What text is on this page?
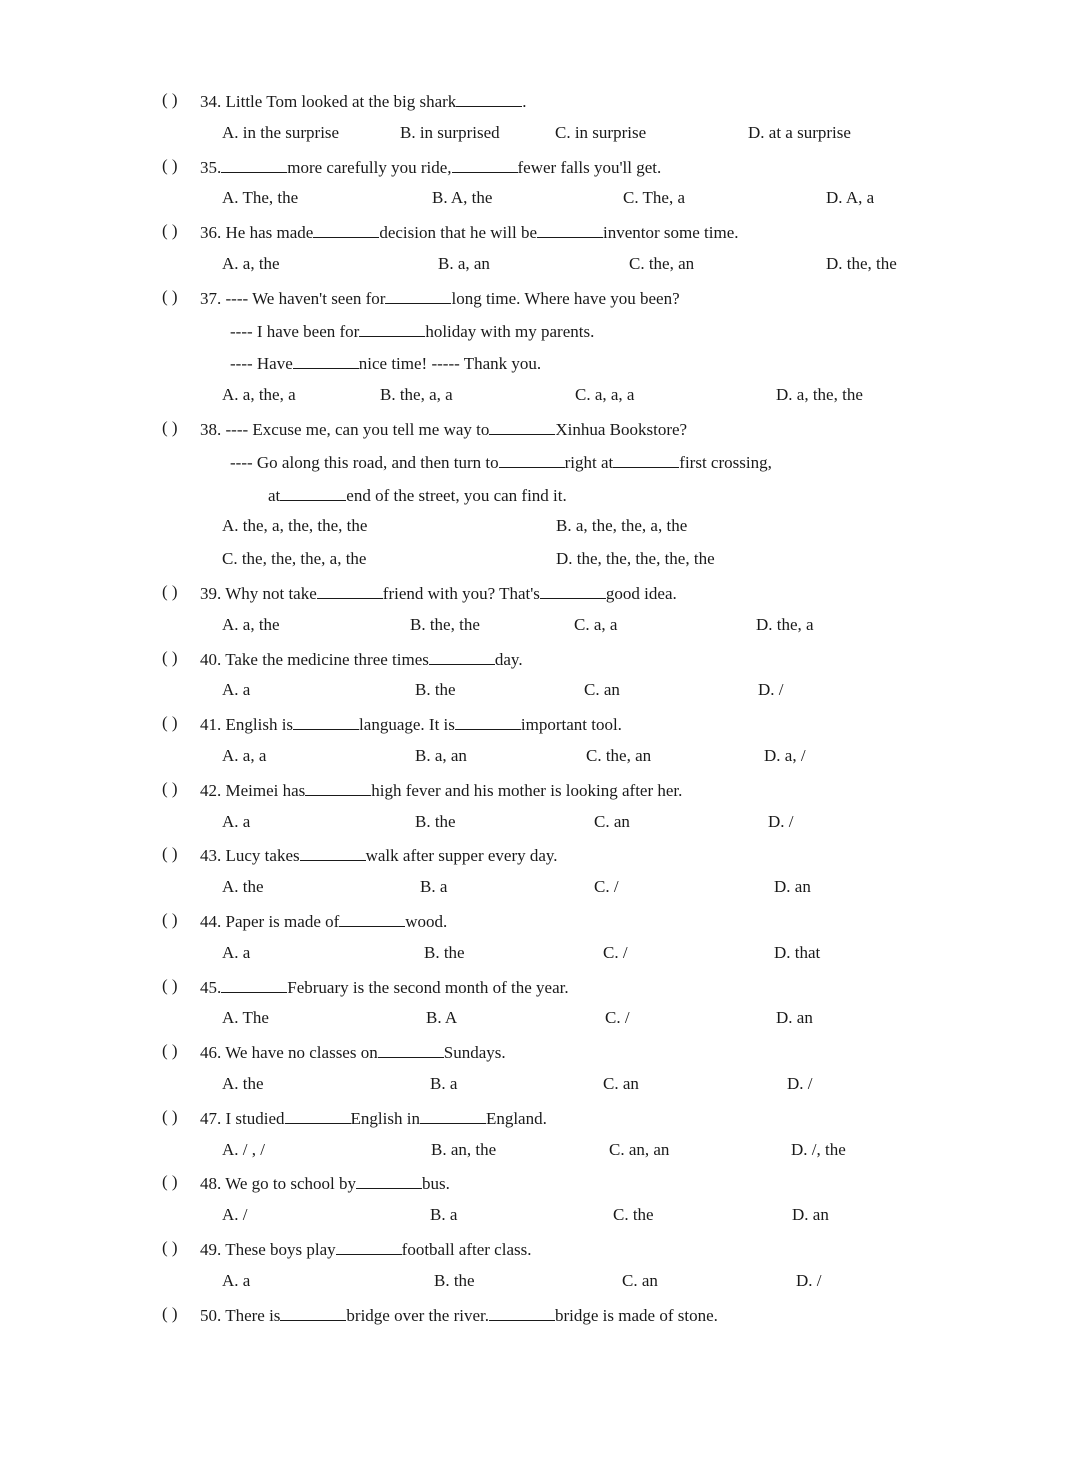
( ) 34. Little Tom looked at the big shark	.
A. in the surprise	B. in surprised	C. in surprise	D. at a surprise
( ) 35.	more carefully you ride,	fewer falls you'll get.
A. The, the	B. A, the	C. The, a	D. A, a
( ) 36. He has made	decision that he will be	inventor some time.
A. a, the	B. a, an	C. the, an	D. the, the
( ) 37. ---- We haven't seen for	long time. Where have you been?
---- I have been for	holiday with my parents.
---- Have	nice time! ----- Thank you.
A. a, the, a	B. the, a, a	C. a, a, a	D. a, the, the
( ) 38. ---- Excuse me, can you tell me way to	Xinhua Bookstore?
---- Go along this road, and then turn to	right at	first crossing,
at	end of the street, you can find it.
A. the, a, the, the, the	B. a, the, the, a, the
C. the, the, the, a, the	D. the, the, the, the, the
( ) 39. Why not take	friend with you? That's	good idea.
A. a, the	B. the, the	C. a, a	D. the, a
( ) 40. Take the medicine three times	day.
A. a	B. the	C. an	D. /
( ) 41. English is	language. It is	important tool.
A. a, a	B. a, an	C. the, an	D. a, /
( ) 42. Meimei has	high fever and his mother is looking after her.
A. a	B. the	C. an	D. /
( ) 43. Lucy takes	walk after supper every day.
A. the	B. a	C. /	D. an
( ) 44. Paper is made of	wood.
A. a	B. the	C. /	D. that
( ) 45.	February is the second month of the year.
A. The	B. A	C. /	D. an
( ) 46. We have no classes on	Sundays.
A. the	B. a	C. an	D. /
( ) 47. I studied	English in	England.
A. / , /	B. an, the	C. an, an	D. /, the
( ) 48. We go to school by	bus.
A. /	B. a	C. the	D. an
( ) 49. These boys play	football after class.
A. a	B. the	C. an	D. /
( ) 50. There is	bridge over the river.	bridge is made of stone.
